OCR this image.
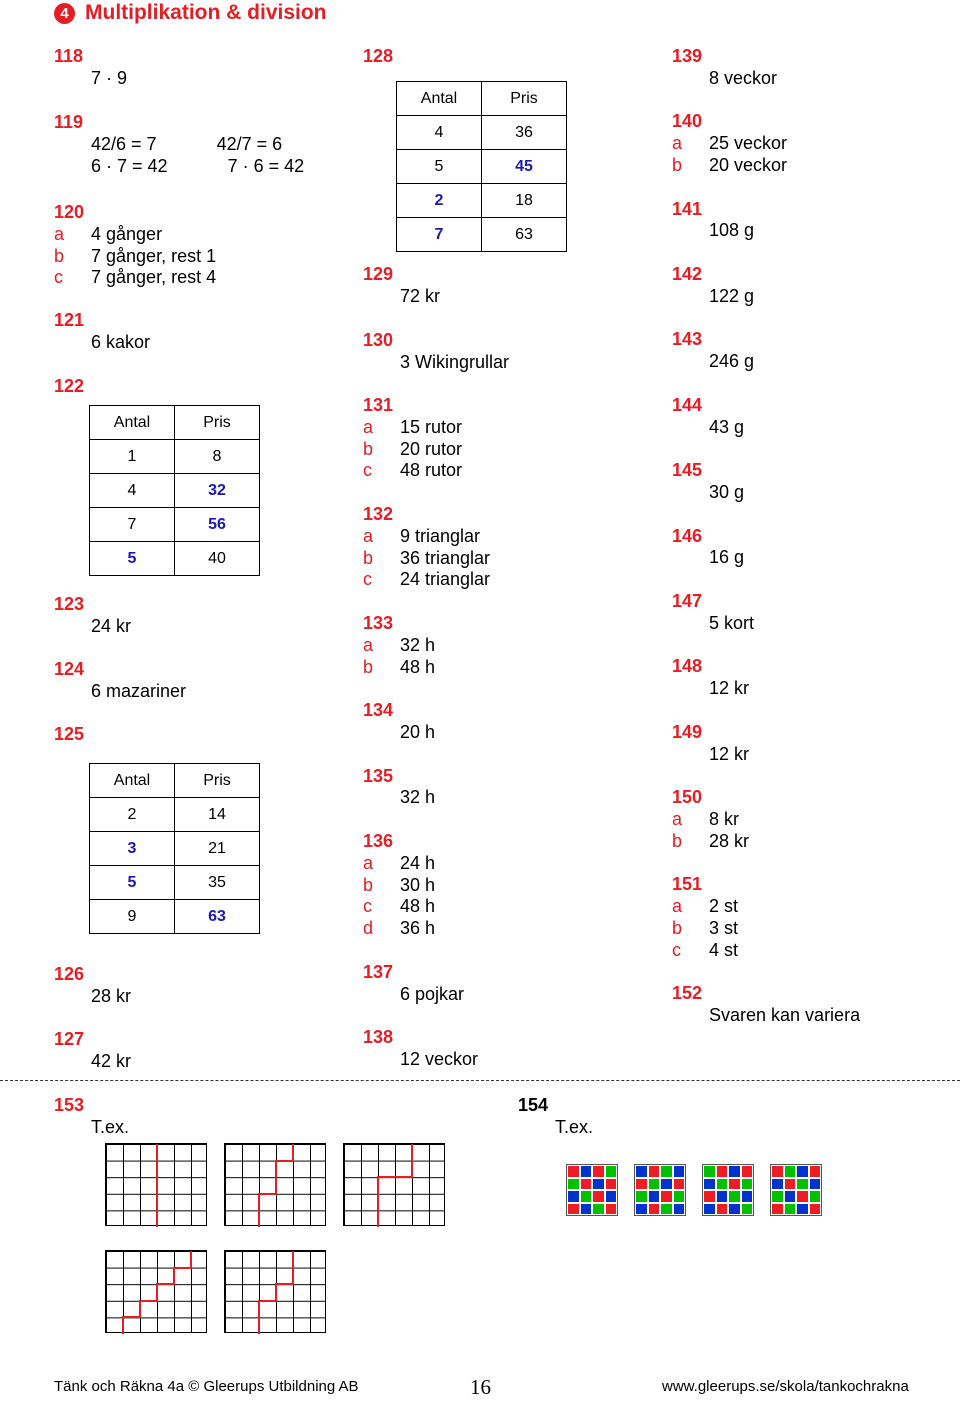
4 Multiplikation & division
118
7 · 9
119
42/6 = 7            42/7 = 6
6 · 7 = 42            7 · 6 = 42
120
a	4 gånger
b	7 gånger, rest 1
c	7 gånger, rest 4
121
6 kakor
122
Antal	Pris
1	8
4	32
7	56
5	40
123
24 kr
124
6 mazariner
125
Antal	Pris
2	14
3	21
5	35
9	63
126
28 kr
127
42 kr
128
Antal	Pris
4	36
5	45
2	18
7	63
129
72 kr
130
3 Wikingrullar
131
a	15 rutor
b	20 rutor
c	48 rutor
132
a	9 trianglar
b	36 trianglar
c	24 trianglar
133
a	32 h
b	48 h
134
20 h
135
32 h
136
a	24 h
b	30 h
c	48 h
d	36 h
137
6 pojkar
138
12 veckor
139
8 veckor
140
a	25 veckor
b	20 veckor
141
108 g
142
122 g
143
246 g
144
43 g
145
30 g
146
16 g
147
5 kort
148
12 kr
149
12 kr
150
a	8 kr
b	28 kr
151
a	2 st
b	3 st
c	4 st
152
Svaren kan variera
153
T.ex.
154
T.ex.
Tänk och Räkna 4a © Gleerups Utbildning AB	16	www.gleerups.se/skola/tankochrakna
